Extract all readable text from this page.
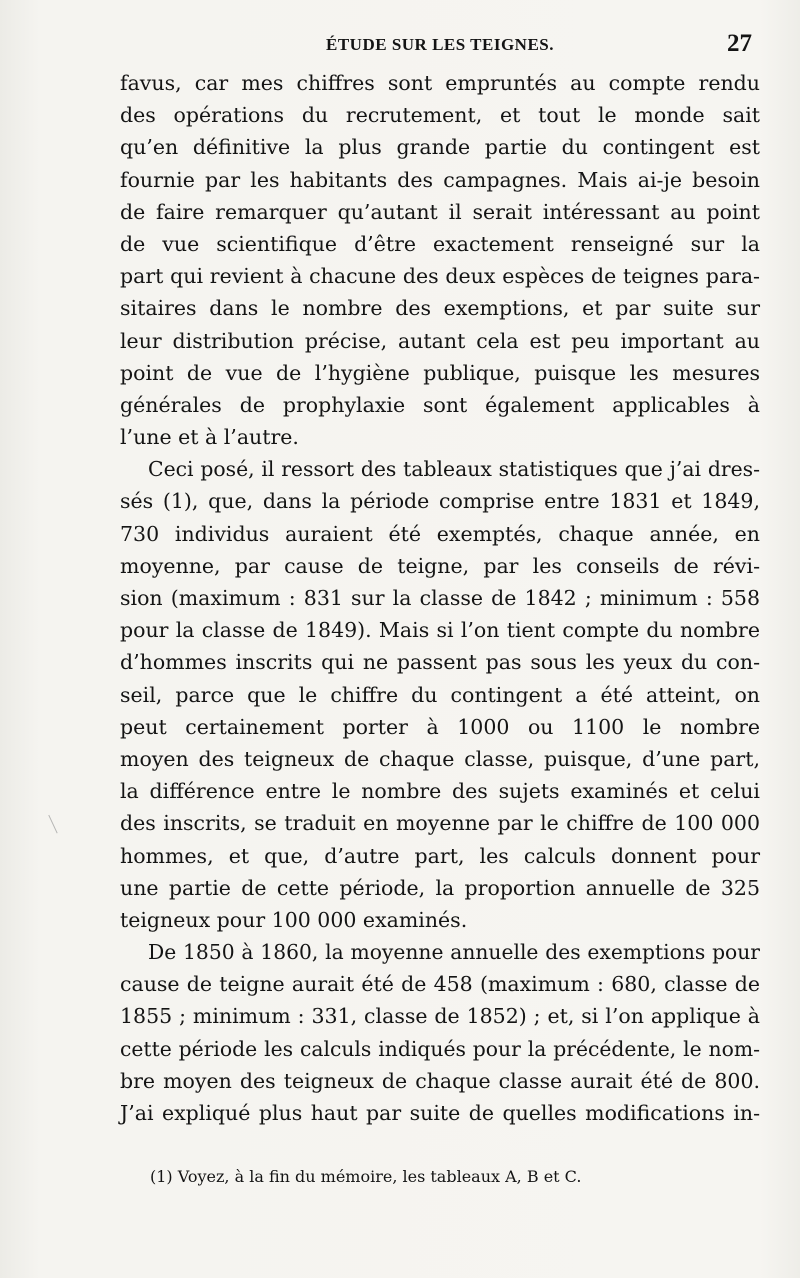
ÉTUDE SUR LES TEIGNES.	27
favus, car mes chiffres sont empruntés au compte rendu
des opérations du recrutement, et tout le monde sait
qu’en définitive la plus grande partie du contingent est
fournie par les habitants des campagnes. Mais ai-je besoin
de faire remarquer qu’autant il serait intéressant au point
de vue scientifique d’être exactement renseigné sur la
part qui revient à chacune des deux espèces de teignes para-
sitaires dans le nombre des exemptions, et par suite sur
leur distribution précise, autant cela est peu important au
point de vue de l’hygiène publique, puisque les mesures
générales de prophylaxie sont également applicables à
l’une et à l’autre.
Ceci posé, il ressort des tableaux statistiques que j’ai dres-
sés (1), que, dans la période comprise entre 1831 et 1849,
730 individus auraient été exemptés, chaque année, en
moyenne, par cause de teigne, par les conseils de révi-
sion (maximum : 831 sur la classe de 1842 ; minimum : 558
pour la classe de 1849). Mais si l’on tient compte du nombre
d’hommes inscrits qui ne passent pas sous les yeux du con-
seil, parce que le chiffre du contingent a été atteint, on
peut certainement porter à 1000 ou 1100 le nombre
moyen des teigneux de chaque classe, puisque, d’une part,
la différence entre le nombre des sujets examinés et celui
des inscrits, se traduit en moyenne par le chiffre de 100 000
hommes, et que, d’autre part, les calculs donnent pour
une partie de cette période, la proportion annuelle de 325
teigneux pour 100 000 examinés.
De 1850 à 1860, la moyenne annuelle des exemptions pour
cause de teigne aurait été de 458 (maximum : 680, classe de
1855 ; minimum : 331, classe de 1852) ; et, si l’on applique à
cette période les calculs indiqués pour la précédente, le nom-
bre moyen des teigneux de chaque classe aurait été de 800.
J’ai expliqué plus haut par suite de quelles modifications in-
(1) Voyez, à la fin du mémoire, les tableaux A, B et C.
